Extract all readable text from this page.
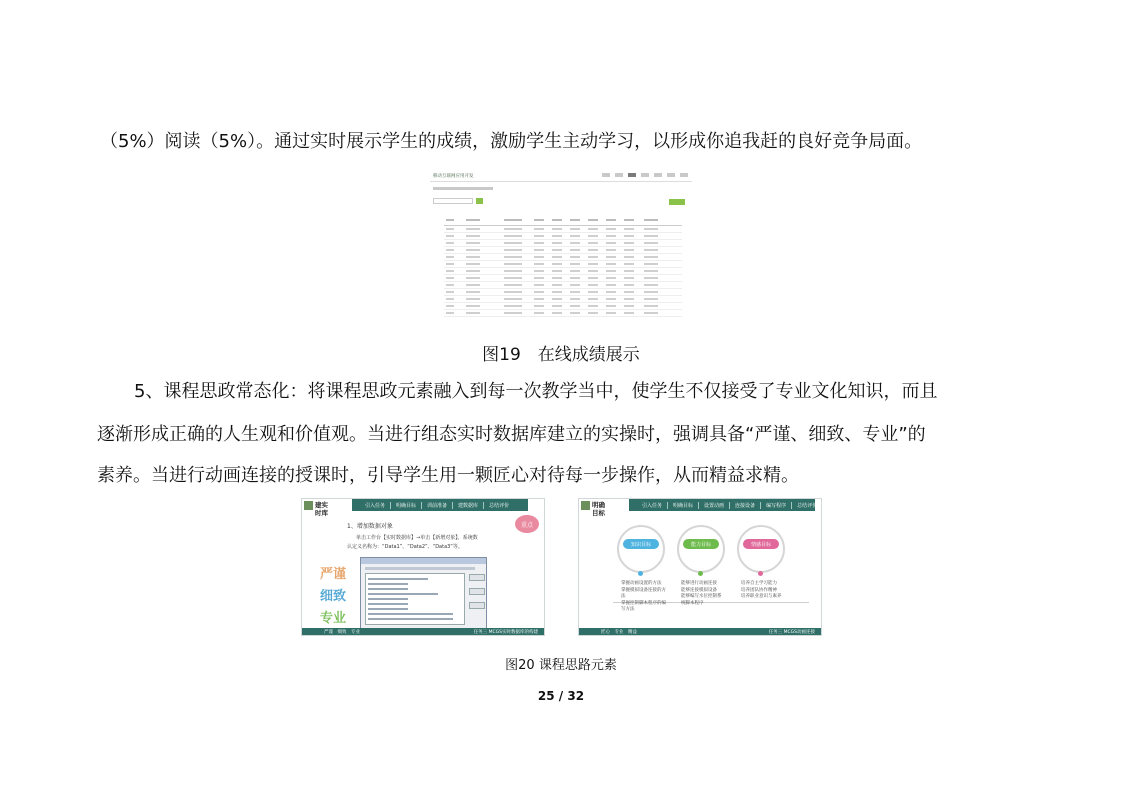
（5%）阅读（5%）。通过实时展示学生的成绩，激励学生主动学习，以形成你追我赶的良好竞争局面。
移动互联网应用开发
图19　在线成绩展示
5、课程思政常态化：将课程思政元素融入到每一次教学当中，使学生不仅接受了专业文化知识，而且
逐渐形成正确的人生观和价值观。当进行组态实时数据库建立的实操时，强调具备“严谨、细致、专业”的
素养。当进行动画连接的授课时，引导学生用一颗匠心对待每一步操作，从而精益求精。
建实
时库
引入任务	明确目标	训前准备	建数据库	总结评价
重点
1、增加数据对象
单击工作台【实时数据库】→单击【新增对象】，系统数
认定义名称为：“Data1”、“Data2”、“Data3”等。
严谨
细致
专业
严谨　细致　专业	任务三 MCGS实时数据库的构建
明确
目标
引入任务	明确目标	设置动画	连接设备	编写程序	总结评价
知识目标
掌握动画设置的方法
掌握模拟设备连接的方
法
掌握控制脚本程序的编
写方法
能力目标
能够进行动画连接
能够连接模拟设备
能够编写水位控制系
统脚本程序
情感目标
培养自主学习能力
培养团队协作精神
培养职业意识与素养
匠心　专业　精益	任务三 MCGS动画连接
图20 课程思路元素
25 / 32
